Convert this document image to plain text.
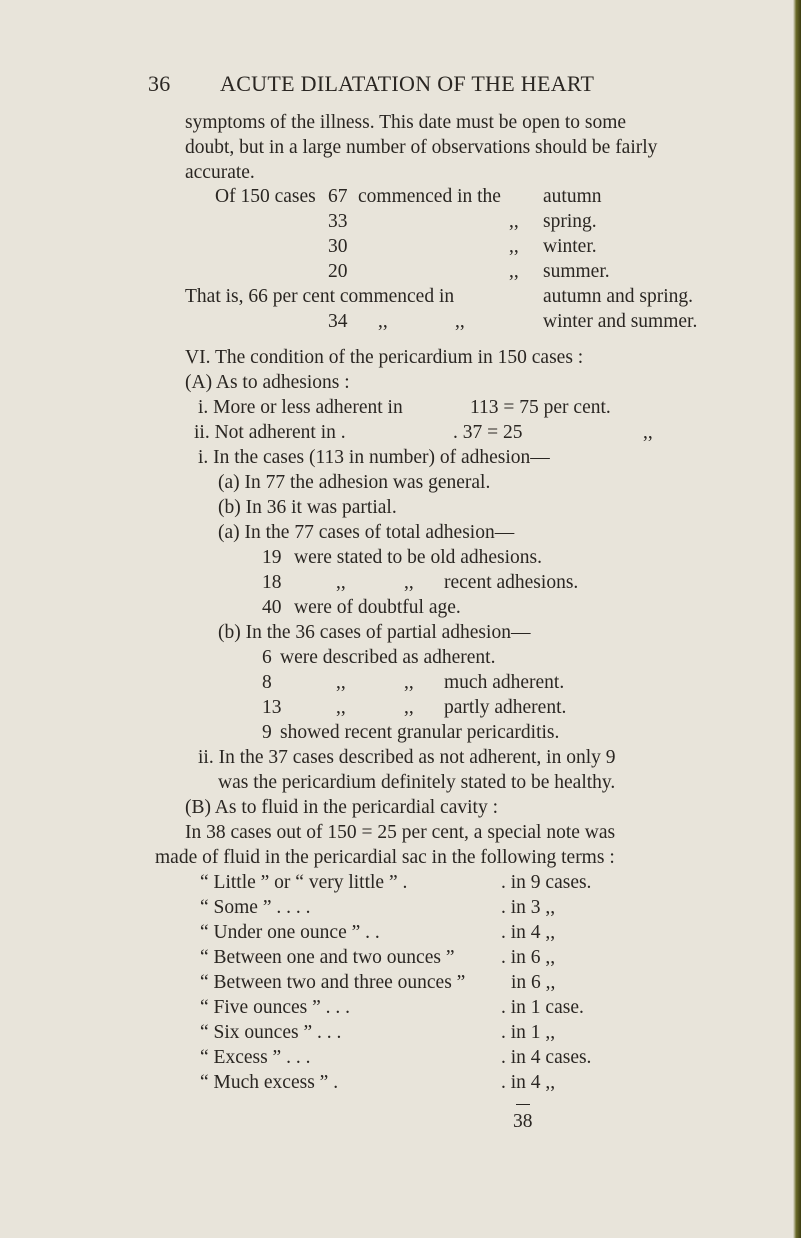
36 ACUTE DILATATION OF THE HEART
symptoms of the illness. This date must be open to some
doubt, but in a large number of observations should be fairly
accurate.
Of 150 cases 67 commenced in the autumn
33	,, spring.
30	,, winter.
20	,, summer.
That is, 66 per cent commenced in	autumn and spring.
34 ,,	,,	winter and summer.
VI. The condition of the pericardium in 150 cases :
(A) As to adhesions :
i. More or less adherent in	113 = 75 per cent.
ii. Not adherent in .	. 37 = 25	,,
i. In the cases (113 in number) of adhesion—
(a) In 77 the adhesion was general.
(b) In 36 it was partial.
(a) In the 77 cases of total adhesion—
19 were stated to be old adhesions.
18	,,	,, recent adhesions.
40 were of doubtful age.
(b) In the 36 cases of partial adhesion—
6 were described as adherent.
8	,,	,, much adherent.
13	,,	,, partly adherent.
9 showed recent granular pericarditis.
ii. In the 37 cases described as not adherent, in only 9
was the pericardium definitely stated to be healthy.
(B) As to fluid in the pericardial cavity :
In 38 cases out of 150 = 25 per cent, a special note was
made of fluid in the pericardial sac in the following terms :
“ Little ” or “ very little ” .	. in 9 cases.
“ Some ” . . . .	. in 3 ,,
“ Under one ounce ” . .	. in 4 ,,
“ Between one and two ounces ” . in 6 ,,
“ Between two and three ounces ” in 6 ,,
“ Five ounces ” . . .	. in 1 case.
“ Six ounces ” . . .	. in 1 ,,
“ Excess ” . . .	. in 4 cases.
“ Much excess ” .	. in 4 ,,
38
